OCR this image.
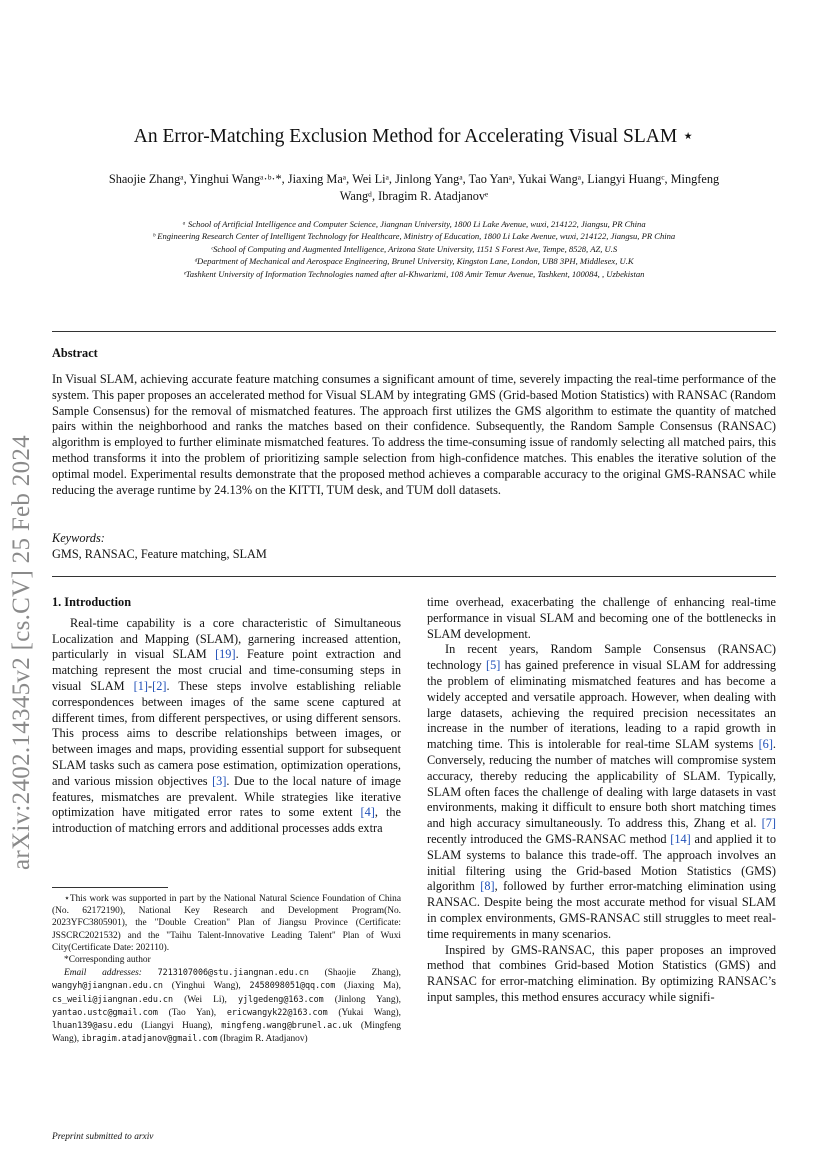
arXiv:2402.14345v2 [cs.CV] 25 Feb 2024
An Error-Matching Exclusion Method for Accelerating Visual SLAM ⋆
Shaojie Zhangᵃ, Yinghui Wangᵃ·ᵇ·*, Jiaxing Maᵃ, Wei Liᵃ, Jinlong Yangᵃ, Tao Yanᵃ, Yukai Wangᵃ, Liangyi Huangᶜ, Mingfeng
Wangᵈ, Ibragim R. Atadjanovᵉ
ᵃ School of Artificial Intelligence and Computer Science, Jiangnan University, 1800 Li Lake Avenue, wuxi, 214122, Jiangsu, PR China
ᵇ Engineering Research Center of Intelligent Technology for Healthcare, Ministry of Education, 1800 Li Lake Avenue, wuxi, 214122, Jiangsu, PR China
ᶜSchool of Computing and Augmented Intelligence, Arizona State University, 1151 S Forest Ave, Tempe, 8528, AZ, U.S
ᵈDepartment of Mechanical and Aerospace Engineering, Brunel University, Kingston Lane, London, UB8 3PH, Middlesex, U.K
ᵉTashkent University of Information Technologies named after al-Khwarizmi, 108 Amir Temur Avenue, Tashkent, 100084, , Uzbekistan
Abstract
In Visual SLAM, achieving accurate feature matching consumes a significant amount of time, severely impacting the real-time performance of the system. This paper proposes an accelerated method for Visual SLAM by integrating GMS (Grid-based Motion Statistics) with RANSAC (Random Sample Consensus) for the removal of mismatched features. The approach first utilizes the GMS algorithm to estimate the quantity of matched pairs within the neighborhood and ranks the matches based on their confidence. Subsequently, the Random Sample Consensus (RANSAC) algorithm is employed to further eliminate mismatched features. To address the time-consuming issue of randomly selecting all matched pairs, this method transforms it into the problem of prioritizing sample selection from high-confidence matches. This enables the iterative solution of the optimal model. Experimental results demonstrate that the proposed method achieves a comparable accuracy to the original GMS-RANSAC while reducing the average runtime by 24.13% on the KITTI, TUM desk, and TUM doll datasets.
Keywords:
GMS, RANSAC, Feature matching, SLAM

1. Introduction

Real-time capability is a core characteristic of Simultaneous Localization and Mapping (SLAM), garnering increased attention, particularly in visual SLAM [19]. Feature point extraction and matching represent the most crucial and time-consuming steps in visual SLAM [1]-[2]. These steps involve establishing reliable correspondences between images of the same scene captured at different times, from different perspectives, or using different sensors. This process aims to describe relationships between images, or between images and maps, providing essential support for subsequent SLAM tasks such as camera pose estimation, optimization operations, and various mission objectives [3]. Due to the local nature of image features, mismatches are prevalent. While strategies like iterative optimization have mitigated error rates to some extent [4], the introduction of matching errors and additional processes adds extra

time overhead, exacerbating the challenge of enhancing real-time performance in visual SLAM and becoming one of the bottlenecks in SLAM development.

In recent years, Random Sample Consensus (RANSAC) technology [5] has gained preference in visual SLAM for addressing the problem of eliminating mismatched features and has become a widely accepted and versatile approach. However, when dealing with large datasets, achieving the required precision necessitates an increase in the number of iterations, leading to a rapid growth in matching time. This is intolerable for real-time SLAM systems [6]. Conversely, reducing the number of matches will compromise system accuracy, thereby reducing the applicability of SLAM. Typically, SLAM often faces the challenge of dealing with large datasets in vast environments, making it difficult to ensure both short matching times and high accuracy simultaneously. To address this, Zhang et al. [7] recently introduced the GMS-RANSAC method [14] and applied it to SLAM systems to balance this trade-off. The approach involves an initial filtering using the Grid-based Motion Statistics (GMS) algorithm [8], followed by further error-matching elimination using RANSAC. Despite being the most accurate method for visual SLAM in complex environments, GMS-RANSAC still struggles to meet real-time requirements in many scenarios.

Inspired by GMS-RANSAC, this paper proposes an improved method that combines Grid-based Motion Statistics (GMS) and RANSAC for error-matching elimination. By optimizing RANSAC’s input samples, this method ensures accuracy while signifi-

⋆This work was supported in part by the National Natural Science Foundation of China (No. 62172190), National Key Research and Development Program(No. 2023YFC3805901), the "Double Creation" Plan of Jiangsu Province (Certificate: JSSCRC2021532) and the "Taihu Talent-Innovative Leading Talent" Plan of Wuxi City(Certificate Date: 202110).

*Corresponding author

Email addresses: 7213107006@stu.jiangnan.edu.cn (Shaojie Zhang), wangyh@jiangnan.edu.cn (Yinghui Wang), 2458098051@qq.com (Jiaxing Ma), cs_weili@jiangnan.edu.cn (Wei Li), yjlgedeng@163.com (Jinlong Yang), yantao.ustc@gmail.com (Tao Yan), ericwangyk22@163.com (Yukai Wang), lhuan139@asu.edu (Liangyi Huang), mingfeng.wang@brunel.ac.uk (Mingfeng Wang), ibragim.atadjanov@gmail.com (Ibragim R. Atadjanov)

Preprint submitted to arxiv
